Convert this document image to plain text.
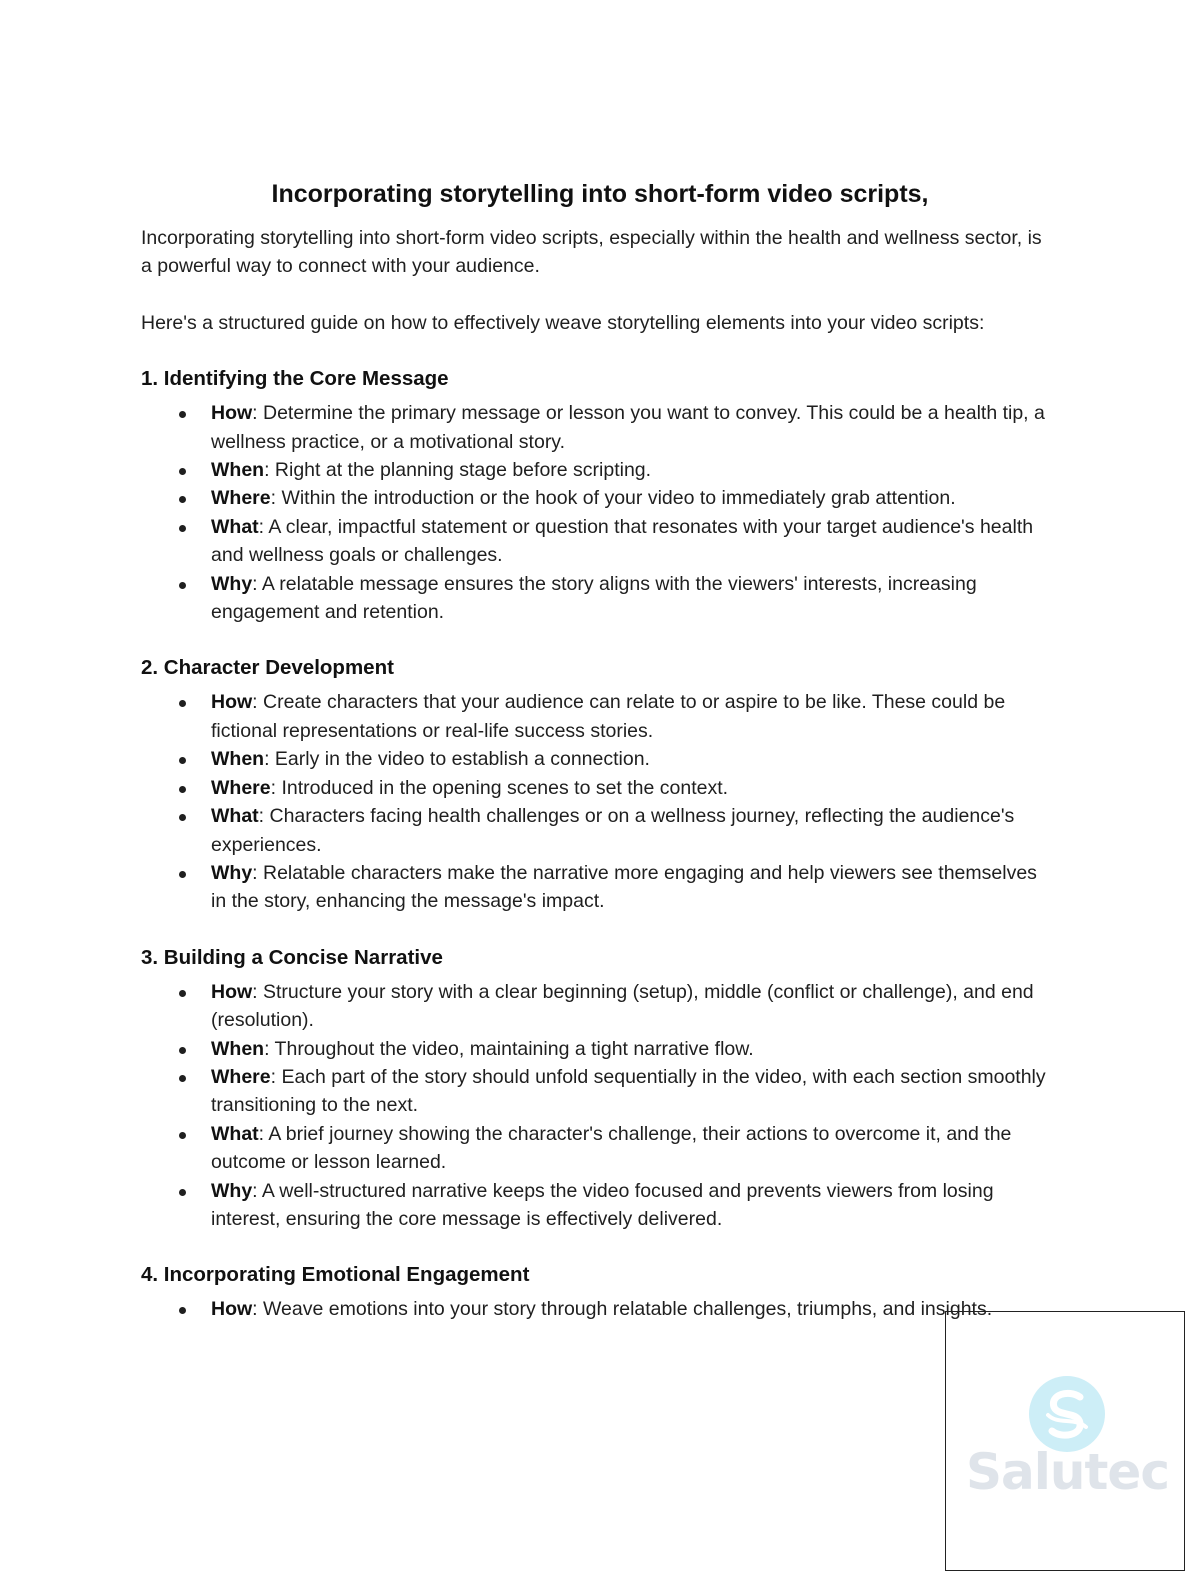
Incorporating storytelling into short-form video scripts,

Incorporating storytelling into short-form video scripts, especially within the health and wellness sector, is a powerful way to connect with your audience.

Here's a structured guide on how to effectively weave storytelling elements into your video scripts:

1. Identifying the Core Message
How: Determine the primary message or lesson you want to convey. This could be a health tip, a wellness practice, or a motivational story.
When: Right at the planning stage before scripting.
Where: Within the introduction or the hook of your video to immediately grab attention.
What: A clear, impactful statement or question that resonates with your target audience's health and wellness goals or challenges.
Why: A relatable message ensures the story aligns with the viewers' interests, increasing engagement and retention.
2. Character Development
How: Create characters that your audience can relate to or aspire to be like. These could be fictional representations or real-life success stories.
When: Early in the video to establish a connection.
Where: Introduced in the opening scenes to set the context.
What: Characters facing health challenges or on a wellness journey, reflecting the audience's experiences.
Why: Relatable characters make the narrative more engaging and help viewers see themselves in the story, enhancing the message's impact.
3. Building a Concise Narrative
How: Structure your story with a clear beginning (setup), middle (conflict or challenge), and end (resolution).
When: Throughout the video, maintaining a tight narrative flow.
Where: Each part of the story should unfold sequentially in the video, with each section smoothly transitioning to the next.
What: A brief journey showing the character's challenge, their actions to overcome it, and the outcome or lesson learned.
Why: A well-structured narrative keeps the video focused and prevents viewers from losing interest, ensuring the core message is effectively delivered.
4. Incorporating Emotional Engagement
How: Weave emotions into your story through relatable challenges, triumphs, and insights.
Salutec
